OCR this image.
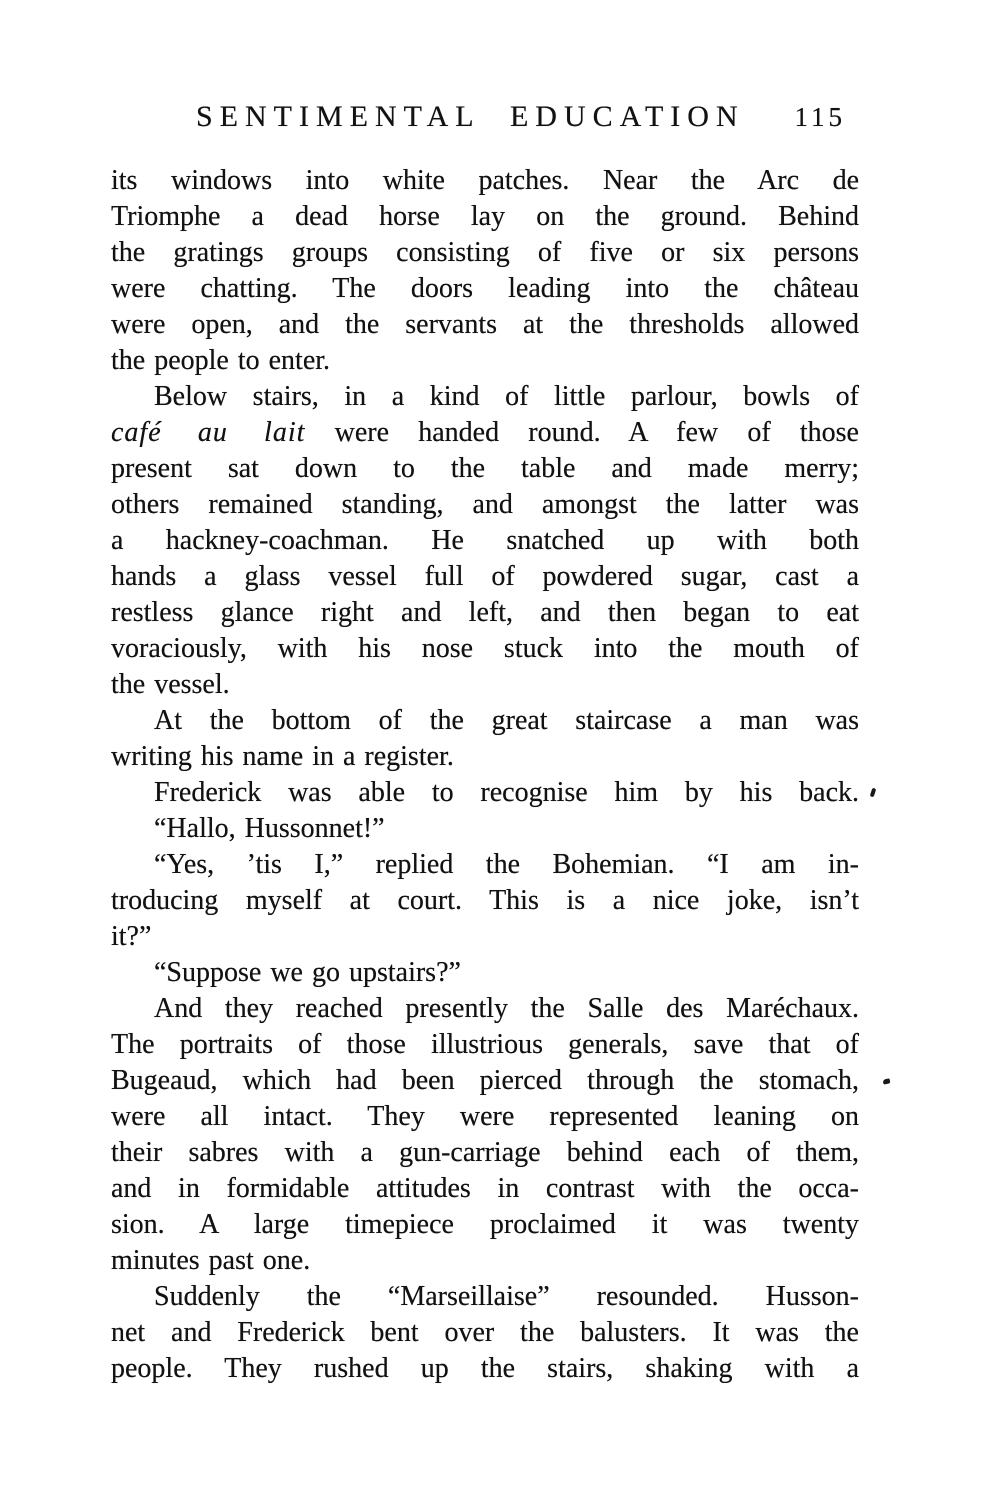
SENTIMENTAL EDUCATION 115
its windows into white patches. Near the Arc de
Triomphe a dead horse lay on the ground. Behind
the gratings groups consisting of five or six persons
were chatting. The doors leading into the château
were open, and the servants at the thresholds allowed
the people to enter.
Below stairs, in a kind of little parlour, bowls of
café au lait were handed round. A few of those
present sat down to the table and made merry;
others remained standing, and amongst the latter was
a hackney-coachman. He snatched up with both
hands a glass vessel full of powdered sugar, cast a
restless glance right and left, and then began to eat
voraciously, with his nose stuck into the mouth of
the vessel.
At the bottom of the great staircase a man was
writing his name in a register.
Frederick was able to recognise him by his back.
“Hallo, Hussonnet!”
“Yes, ’tis I,” replied the Bohemian. “I am in-
troducing myself at court. This is a nice joke, isn’t
it?”
“Suppose we go upstairs?”
And they reached presently the Salle des Maréchaux.
The portraits of those illustrious generals, save that of
Bugeaud, which had been pierced through the stomach,
were all intact. They were represented leaning on
their sabres with a gun-carriage behind each of them,
and in formidable attitudes in contrast with the occa-
sion. A large timepiece proclaimed it was twenty
minutes past one.
Suddenly the “Marseillaise” resounded. Husson-
net and Frederick bent over the balusters. It was the
people. They rushed up the stairs, shaking with a
